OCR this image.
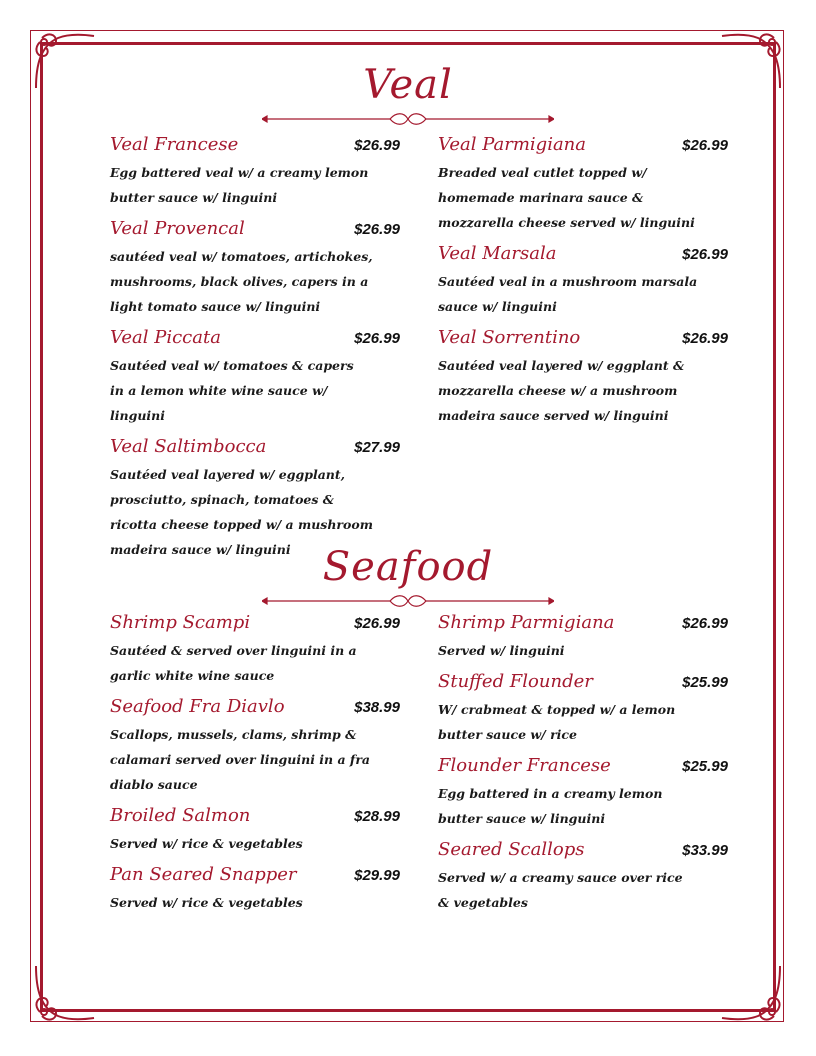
Veal
Veal Francese	$26.99
Egg battered veal w/ a creamy lemon
butter sauce w/ linguini
Veal Provencal	$26.99
sautéed veal w/ tomatoes, artichokes,
mushrooms, black olives, capers in a
light tomato sauce w/ linguini
Veal Piccata	$26.99
Sautéed veal w/ tomatoes & capers
in a lemon white wine sauce w/
linguini
Veal Saltimbocca	$27.99
Sautéed veal layered w/ eggplant,
prosciutto, spinach, tomatoes &
ricotta cheese topped w/ a mushroom
madeira sauce w/ linguini
Veal Parmigiana	$26.99
Breaded veal cutlet topped w/
homemade marinara sauce &
mozzarella cheese served w/ linguini
Veal Marsala	$26.99
Sautéed veal in a mushroom marsala
sauce w/ linguini
Veal Sorrentino	$26.99
Sautéed veal layered w/ eggplant &
mozzarella cheese w/ a mushroom
madeira sauce served w/ linguini
Seafood
Shrimp Scampi	$26.99
Sautéed & served over linguini in a
garlic white wine sauce
Seafood Fra Diavlo	$38.99
Scallops, mussels, clams, shrimp &
calamari served over linguini in a fra
diablo sauce
Broiled Salmon	$28.99
Served w/ rice & vegetables
Pan Seared Snapper	$29.99
Served w/ rice & vegetables
Shrimp Parmigiana	$26.99
Served w/ linguini
Stuffed Flounder	$25.99
W/ crabmeat & topped w/ a lemon
butter sauce w/ rice
Flounder Francese	$25.99
Egg battered in a creamy lemon
butter sauce w/ linguini
Seared Scallops	$33.99
Served w/ a creamy sauce over rice
& vegetables
